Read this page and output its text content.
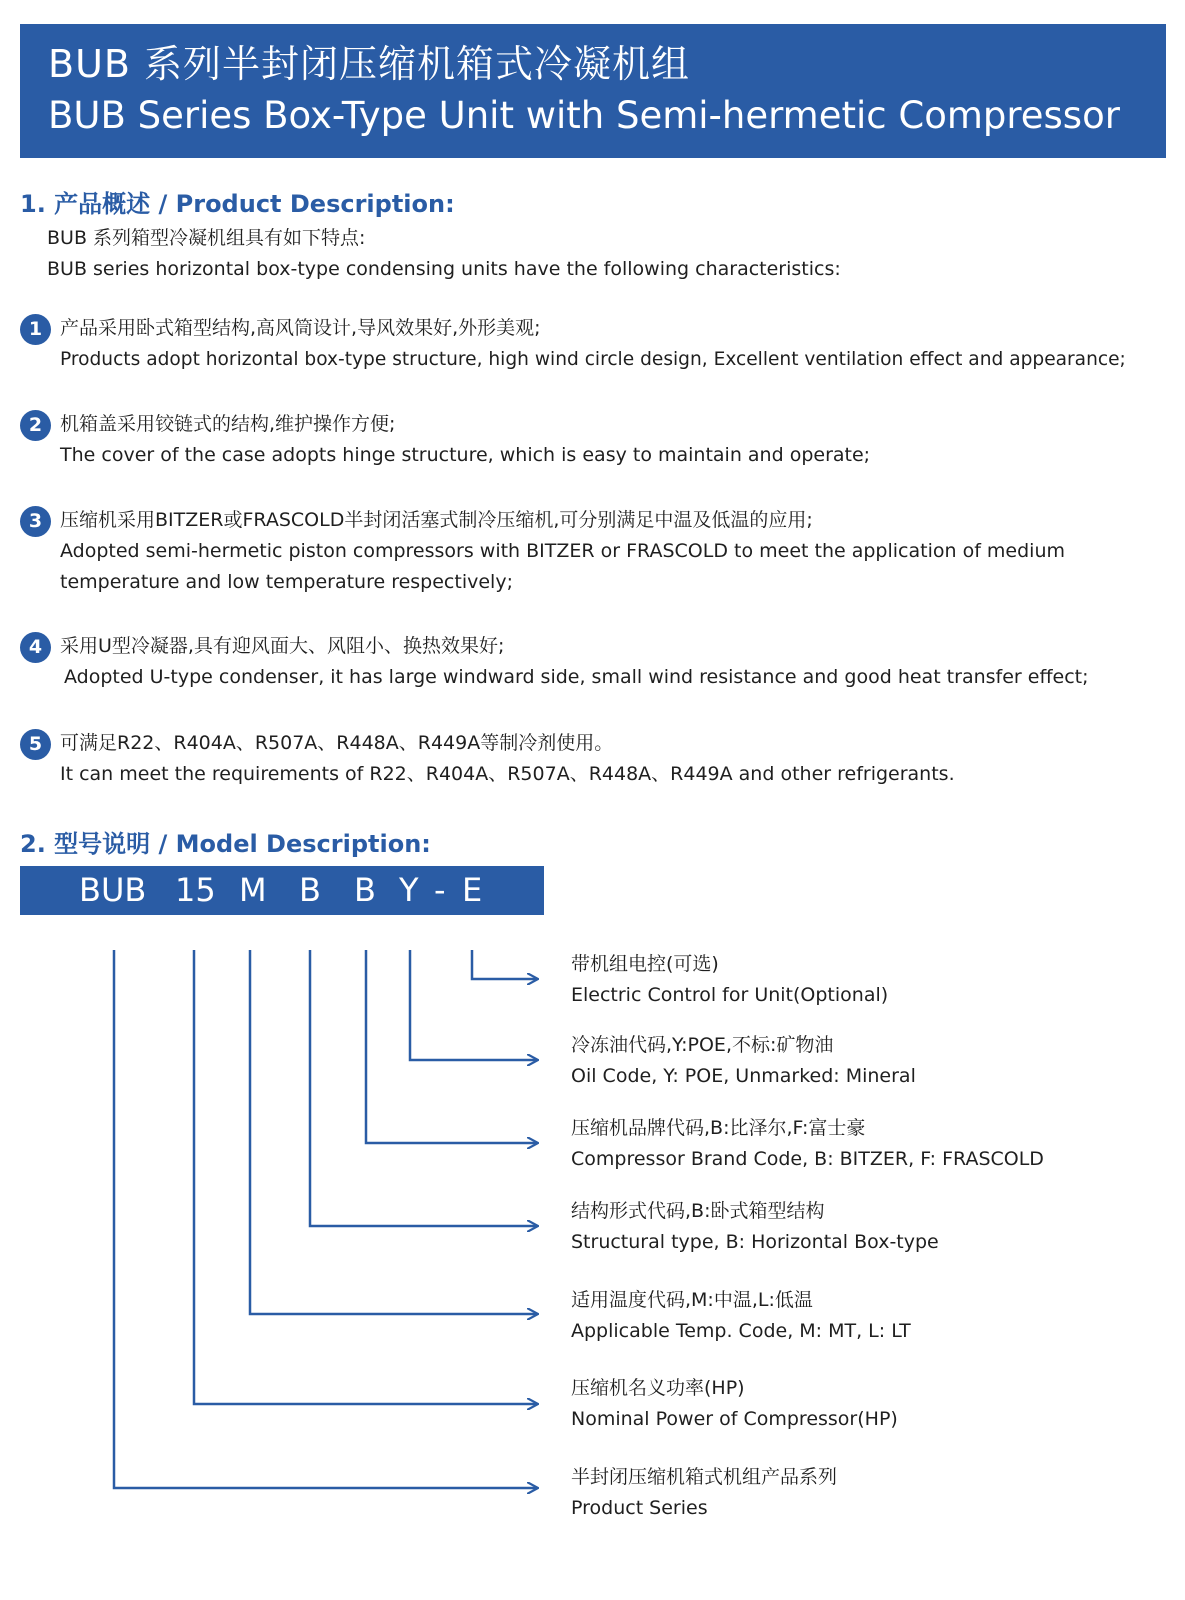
BUB 系列半封闭压缩机箱式冷凝机组
BUB Series Box-Type Unit with Semi-hermetic Compressor
1. 产品概述 / Product Description:
BUB 系列箱型冷凝机组具有如下特点:
BUB series horizontal box-type condensing units have the following characteristics:
1 产品采用卧式箱型结构,高风筒设计,导风效果好,外形美观;
Products adopt horizontal box-type structure, high wind circle design, Excellent ventilation effect and appearance;
2 机箱盖采用铰链式的结构,维护操作方便;
The cover of the case adopts hinge structure, which is easy to maintain and operate;
3 压缩机采用BITZER或FRASCOLD半封闭活塞式制冷压缩机,可分别满足中温及低温的应用;
Adopted semi-hermetic piston compressors with BITZER or FRASCOLD to meet the application of medium temperature and low temperature respectively;
4 采用U型冷凝器,具有迎风面大、风阻小、换热效果好;
Adopted U-type condenser, it has large windward side, small wind resistance and good heat transfer effect;
5 可满足R22、R404A、R507A、R448A、R449A等制冷剂使用。
It can meet the requirements of R22、R404A、R507A、R448A、R449A and other refrigerants.
2. 型号说明 / Model Description:
BUB 15 M B B Y - E
带机组电控(可选)
Electric Control for Unit(Optional)
冷冻油代码,Y:POE,不标:矿物油
Oil Code, Y: POE, Unmarked: Mineral
压缩机品牌代码,B:比泽尔,F:富士豪
Compressor Brand Code, B: BITZER, F: FRASCOLD
结构形式代码,B:卧式箱型结构
Structural type, B: Horizontal Box-type
适用温度代码,M:中温,L:低温
Applicable Temp. Code, M: MT, L: LT
压缩机名义功率(HP)
Nominal Power of Compressor(HP)
半封闭压缩机箱式机组产品系列
Product Series
